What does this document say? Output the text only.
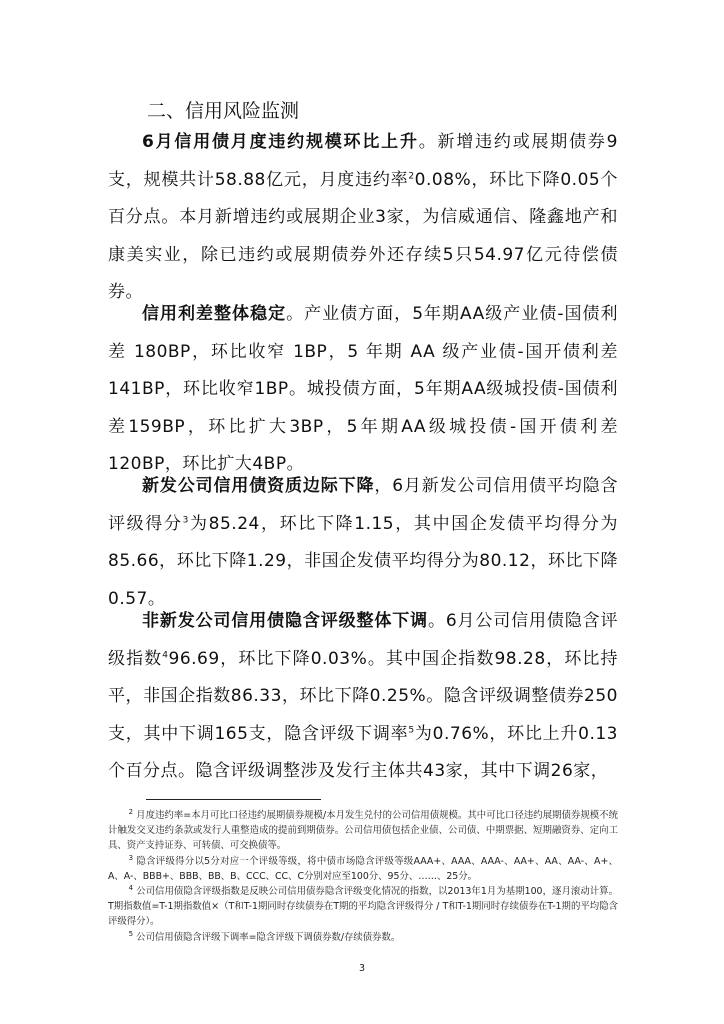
二、信用风险监测

6月信用债月度违约规模环比上升。新增违约或展期债券9支，规模共计58.88亿元，月度违约率$^2$0.08%，环比下降0.05个百分点。本月新增违约或展期企业3家，为信威通信、隆鑫地产和康美实业，除已违约或展期债券外还存续5只54.97亿元待偿债券。

信用利差整体稳定。产业债方面，5年期AA级产业债-国债利差 180BP，环比收窄 1BP，5 年期 AA 级产业债-国开债利差141BP，环比收窄1BP。城投债方面，5年期AA级城投债-国债利差159BP，环比扩大3BP，5年期AA级城投债-国开债利差120BP，环比扩大4BP。

新发公司信用债资质边际下降，6月新发公司信用债平均隐含评级得分$^3$为85.24，环比下降1.15，其中国企发债平均得分为85.66，环比下降1.29，非国企发债平均得分为80.12，环比下降0.57。

非新发公司信用债隐含评级整体下调。6月公司信用债隐含评级指数$^4$96.69，环比下降0.03%。其中国企指数98.28，环比持平，非国企指数86.33，环比下降0.25%。隐含评级调整债券250支，其中下调165支，隐含评级下调率$^5$为0.76%，环比上升0.13个百分点。隐含评级调整涉及发行主体共43家，其中下调26家，

$^2$ 月度违约率=本月可比口径违约展期债券规模/本月发生兑付的公司信用债规模。其中可比口径违约展期债券规模不统计触发交叉违约条款或发行人重整造成的提前到期债券。公司信用债包括企业债、公司债、中期票据、短期融资券、定向工具、资产支持证券、可转债、可交换债等。
$^3$ 隐含评级得分以5分对应一个评级等级，将中债市场隐含评级等级AAA+、AAA、AAA-、AA+、AA、AA-、A+、A、A-、BBB+、BBB、BB、B、CCC、CC、C分别对应至100分、95分、……、25分。
$^4$ 公司信用债隐含评级指数是反映公司信用债券隐含评级变化情况的指数，以2013年1月为基期100，逐月滚动计算。T期指数值=T-1期指数值×（T和T-1期同时存续债券在T期的平均隐含评级得分 / T和T-1期同时存续债券在T-1期的平均隐含评级得分）。
$^5$ 公司信用债隐含评级下调率=隐含评级下调债券数/存续债券数。
3
